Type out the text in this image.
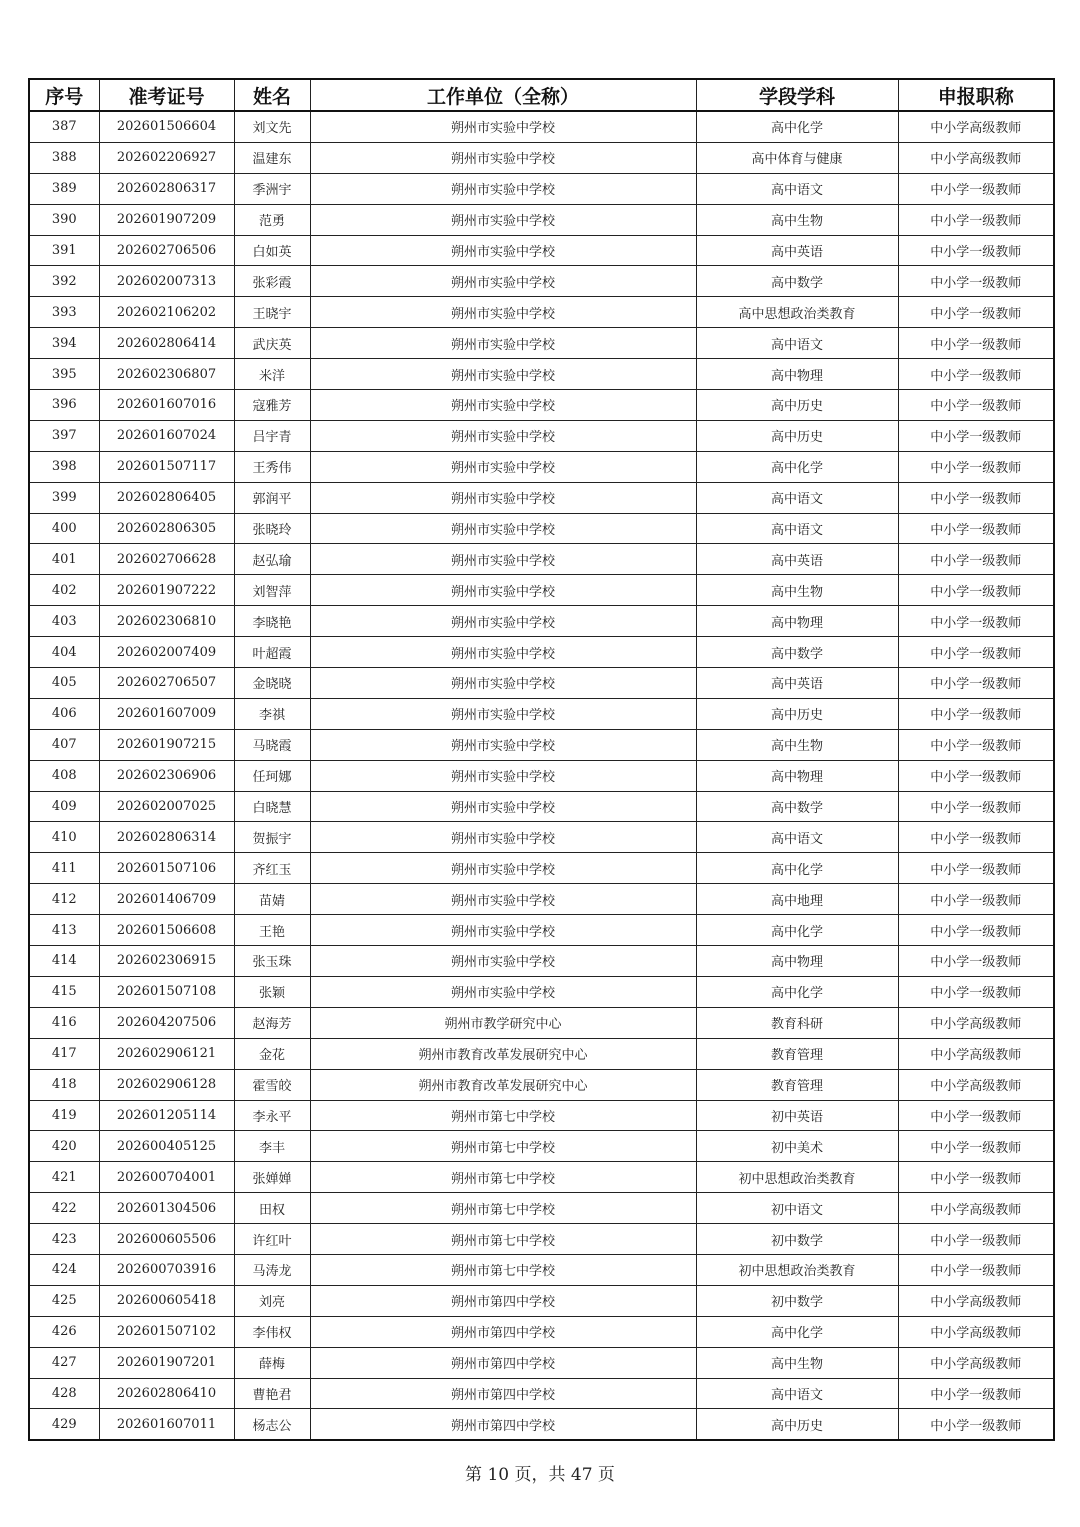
序号	准考证号	姓名	工作单位（全称）	学段学科	申报职称
387	202601506604	刘文先	朔州市实验中学校	高中化学	中小学高级教师
388	202602206927	温建东	朔州市实验中学校	高中体育与健康	中小学高级教师
389	202602806317	季洲宇	朔州市实验中学校	高中语文	中小学一级教师
390	202601907209	范勇	朔州市实验中学校	高中生物	中小学一级教师
391	202602706506	白如英	朔州市实验中学校	高中英语	中小学一级教师
392	202602007313	张彩霞	朔州市实验中学校	高中数学	中小学一级教师
393	202602106202	王晓宇	朔州市实验中学校	高中思想政治类教育	中小学一级教师
394	202602806414	武庆英	朔州市实验中学校	高中语文	中小学一级教师
395	202602306807	米洋	朔州市实验中学校	高中物理	中小学一级教师
396	202601607016	寇雅芳	朔州市实验中学校	高中历史	中小学一级教师
397	202601607024	吕宇青	朔州市实验中学校	高中历史	中小学一级教师
398	202601507117	王秀伟	朔州市实验中学校	高中化学	中小学一级教师
399	202602806405	郭润平	朔州市实验中学校	高中语文	中小学一级教师
400	202602806305	张晓玲	朔州市实验中学校	高中语文	中小学一级教师
401	202602706628	赵弘瑜	朔州市实验中学校	高中英语	中小学一级教师
402	202601907222	刘智萍	朔州市实验中学校	高中生物	中小学一级教师
403	202602306810	李晓艳	朔州市实验中学校	高中物理	中小学一级教师
404	202602007409	叶超霞	朔州市实验中学校	高中数学	中小学一级教师
405	202602706507	金晓晓	朔州市实验中学校	高中英语	中小学一级教师
406	202601607009	李祺	朔州市实验中学校	高中历史	中小学一级教师
407	202601907215	马晓霞	朔州市实验中学校	高中生物	中小学一级教师
408	202602306906	任珂娜	朔州市实验中学校	高中物理	中小学一级教师
409	202602007025	白晓慧	朔州市实验中学校	高中数学	中小学一级教师
410	202602806314	贺振宇	朔州市实验中学校	高中语文	中小学一级教师
411	202601507106	齐红玉	朔州市实验中学校	高中化学	中小学一级教师
412	202601406709	苗婧	朔州市实验中学校	高中地理	中小学一级教师
413	202601506608	王艳	朔州市实验中学校	高中化学	中小学一级教师
414	202602306915	张玉珠	朔州市实验中学校	高中物理	中小学一级教师
415	202601507108	张颖	朔州市实验中学校	高中化学	中小学一级教师
416	202604207506	赵海芳	朔州市教学研究中心	教育科研	中小学高级教师
417	202602906121	金花	朔州市教育改革发展研究中心	教育管理	中小学高级教师
418	202602906128	霍雪皎	朔州市教育改革发展研究中心	教育管理	中小学高级教师
419	202601205114	李永平	朔州市第七中学校	初中英语	中小学一级教师
420	202600405125	李丰	朔州市第七中学校	初中美术	中小学一级教师
421	202600704001	张婵婵	朔州市第七中学校	初中思想政治类教育	中小学一级教师
422	202601304506	田权	朔州市第七中学校	初中语文	中小学高级教师
423	202600605506	许红叶	朔州市第七中学校	初中数学	中小学一级教师
424	202600703916	马涛龙	朔州市第七中学校	初中思想政治类教育	中小学一级教师
425	202600605418	刘亮	朔州市第四中学校	初中数学	中小学高级教师
426	202601507102	李伟权	朔州市第四中学校	高中化学	中小学高级教师
427	202601907201	薛梅	朔州市第四中学校	高中生物	中小学高级教师
428	202602806410	曹艳君	朔州市第四中学校	高中语文	中小学一级教师
429	202601607011	杨志公	朔州市第四中学校	高中历史	中小学一级教师
第 10 页，共 47 页
